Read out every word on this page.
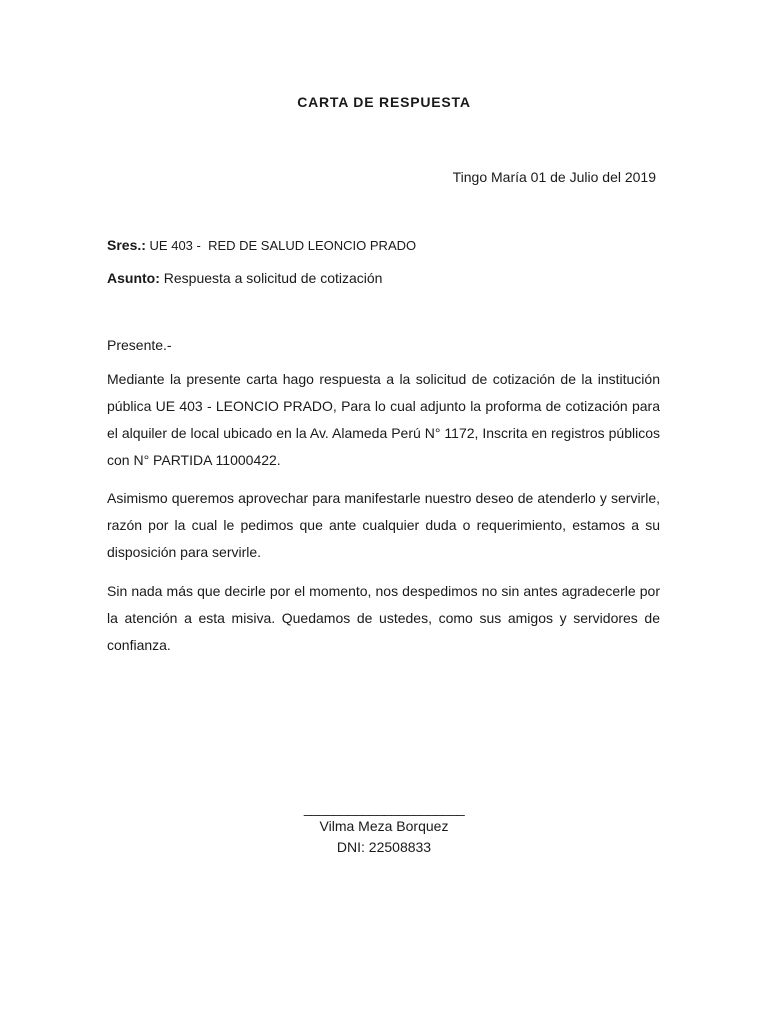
CARTA DE RESPUESTA
Tingo María 01 de Julio del 2019
Sres.: UE 403 -  RED DE SALUD LEONCIO PRADO
Asunto: Respuesta a solicitud de cotización
Presente.-

Mediante la presente carta hago respuesta a la solicitud de cotización de la institución pública UE 403 - LEONCIO PRADO, Para lo cual adjunto la proforma de cotización para el alquiler de local ubicado en la Av. Alameda Perú N° 1172, Inscrita en registros públicos con N° PARTIDA 11000422.

Asimismo queremos aprovechar para manifestarle nuestro deseo de atenderlo y servirle, razón por la cual le pedimos que ante cualquier duda o requerimiento, estamos a su disposición para servirle.

Sin nada más que decirle por el momento, nos despedimos no sin antes agradecerle por la atención a esta misiva. Quedamos de ustedes, como sus amigos y servidores de confianza.

______________________
Vilma Meza Borquez
DNI: 22508833
